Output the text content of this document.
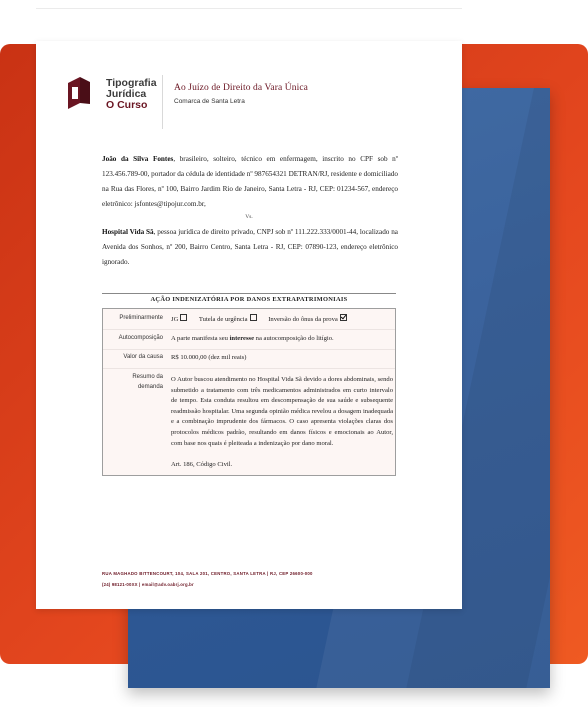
Tipografia
Jurídica
O Curso
Ao Juízo de Direito da Vara Única
Comarca de Santa Letra
João da Silva Fontes, brasileiro, solteiro, técnico em enfermagem, inscrito no CPF sob nº 123.456.789-00, portador da cédula de identidade nº 987654321 DETRAN/RJ, residente e domiciliado na Rua das Flores, nº 100, Bairro Jardim Rio de Janeiro, Santa Letra - RJ, CEP: 01234-567, endereço eletrônico: jsfontes@tipojur.com.br,
Vs.
Hospital Vida Sã, pessoa jurídica de direito privado, CNPJ sob nº 111.222.333/0001-44, localizado na Avenida dos Sonhos, nº 200, Bairro Centro, Santa Letra - RJ, CEP: 07890-123, endereço eletrônico ignorado.
AÇÃO INDENIZATÓRIA POR DANOS EXTRAPATRIMONIAIS
Preliminarmente JG	Tutela de urgência	Inversão do ônus da prova
Autocomposição A parte manifesta seu interesse na autocomposição do litígio.
Valor da causa R$ 10.000,00 (dez mil reais)
Resumo da
demanda
O Autor buscou atendimento no Hospital Vida Sã devido a dores abdominais, sendo submetido a tratamento com três medicamentos administrados em curto intervalo de tempo. Esta conduta resultou em descompensação de sua saúde e subsequente readmissão hospitalar. Uma segunda opinião médica revelou a dosagem inadequada e a combinação imprudente dos fármacos. O caso apresenta violações claras dos protocolos médicos padrão, resultando em danos físicos e emocionais ao Autor, com base nos quais é pleiteada a indenização por dano moral.
Art. 186, Código Civil.
RUA MAGHADO BITTENCOURT, 104, SALA 201, CENTRO, SANTA LETRA | RJ, CEP 26600-000
(24) 98121-00XX | email@adv.oabrj.org.br
